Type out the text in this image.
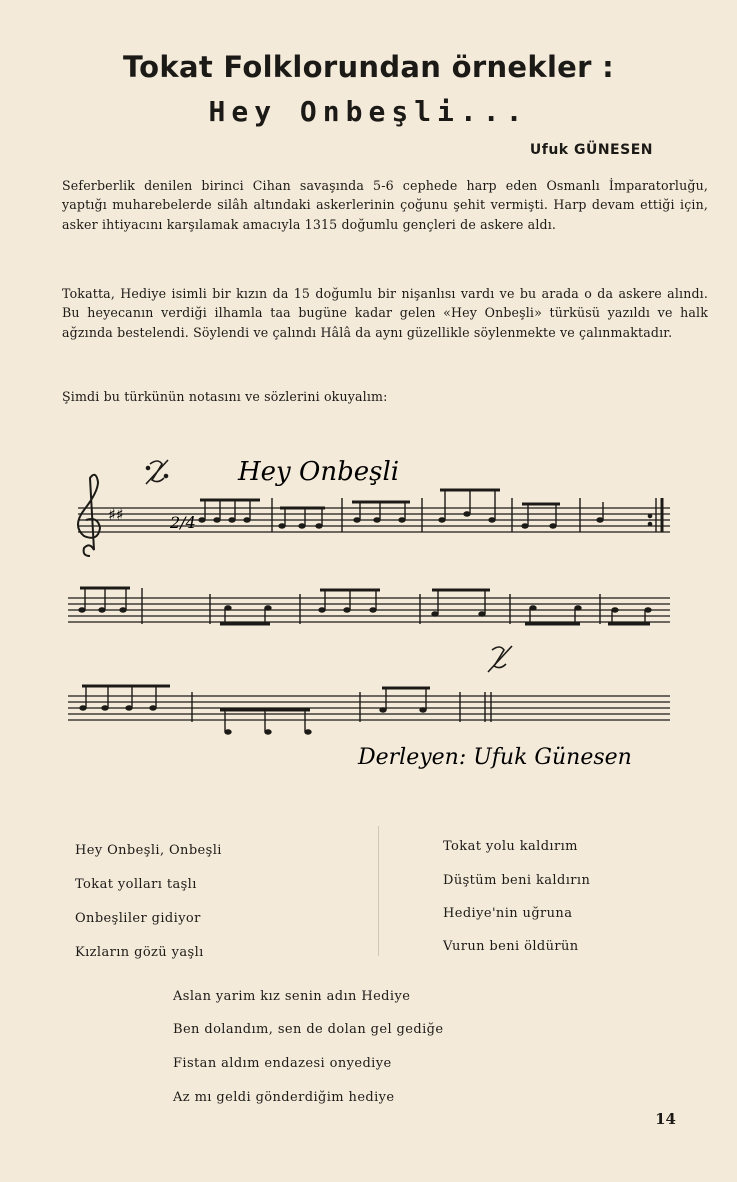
Tokat Folklorundan örnekler :
Hey Onbeşli...
Ufuk GÜNESEN
Seferberlik denilen birinci Cihan savaşında 5-6 cephede harp eden Osmanlı İmparatorluğu, yaptığı muharebelerde silâh altındaki askerlerinin çoğunu şehit vermişti. Harp devam ettiği için, asker ihtiyacını karşılamak amacıyla 1315 doğumlu gençleri de askere aldı.
Tokatta, Hediye isimli bir kızın da 15 doğumlu bir nişanlısı vardı ve bu arada o da askere alındı. Bu heyecanın verdiği ilhamla taa bugüne kadar gelen «Hey Onbeşli» türküsü yazıldı ve halk ağzında bestelendi. Söylendi ve çalındı Hâlâ da aynı güzellikle söylenmekte ve çalınmaktadır.
Şimdi bu türkünün notasını ve sözlerini okuyalım:
Hey Onbeşli
♯♯	2/4
Derleyen: Ufuk Günesen
Hey Onbeşli, Onbeşli
Tokat yolları taşlı
Onbeşliler gidiyor
Kızların gözü yaşlı
Tokat yolu kaldırım
Düştüm beni kaldırın
Hediye'nin uğruna
Vurun beni öldürün
Aslan yarim kız senin adın Hediye
Ben dolandım, sen de dolan gel gediğe
Fistan aldım endazesi onyediye
Az mı geldi gönderdiğim hediye
14
